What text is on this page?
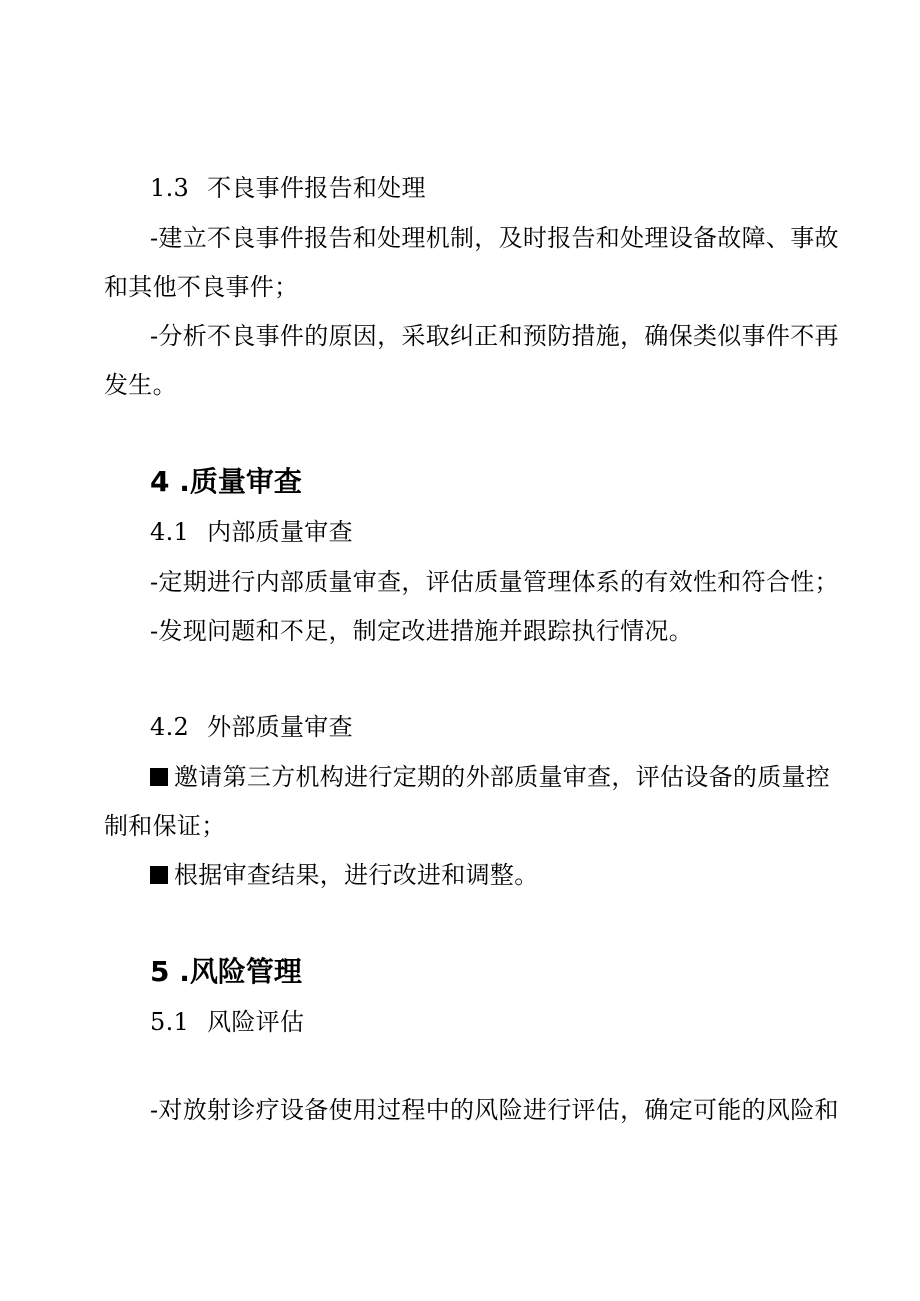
1.3 不良事件报告和处理
-建立不良事件报告和处理机制，及时报告和处理设备故障、事故
和其他不良事件；
-分析不良事件的原因，采取纠正和预防措施，确保类似事件不再
发生。
4 .质量审查
4.1 内部质量审查
-定期进行内部质量审查，评估质量管理体系的有效性和符合性；
-发现问题和不足，制定改进措施并跟踪执行情况。
4.2 外部质量审查
邀请第三方机构进行定期的外部质量审查，评估设备的质量控
制和保证；
根据审查结果，进行改进和调整。
5 .风险管理
5.1 风险评估
-对放射诊疗设备使用过程中的风险进行评估，确定可能的风险和
